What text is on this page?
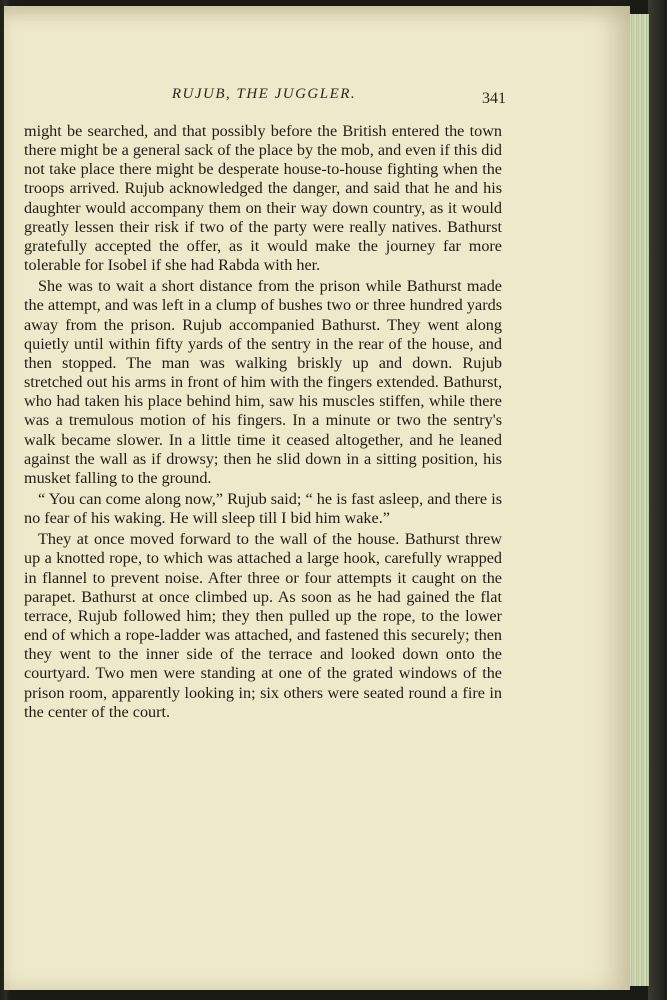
RUJUB, THE JUGGLER.	341

might be searched, and that possibly before the British entered the town there might be a general sack of the place by the mob, and even if this did not take place there might be desperate house-to-house fighting when the troops arrived. Rujub acknowledged the danger, and said that he and his daughter would accompany them on their way down country, as it would greatly lessen their risk if two of the party were really natives. Bathurst gratefully accepted the offer, as it would make the journey far more tolerable for Isobel if she had Rabda with her.

She was to wait a short distance from the prison while Bathurst made the attempt, and was left in a clump of bushes two or three hundred yards away from the prison. Rujub accompanied Bathurst. They went along quietly until within fifty yards of the sentry in the rear of the house, and then stopped. The man was walking briskly up and down. Rujub stretched out his arms in front of him with the fingers extended. Bathurst, who had taken his place behind him, saw his muscles stiffen, while there was a tremulous motion of his fingers. In a minute or two the sentry's walk became slower. In a little time it ceased altogether, and he leaned against the wall as if drowsy; then he slid down in a sitting position, his musket falling to the ground.

“ You can come along now,” Rujub said; “ he is fast asleep, and there is no fear of his waking. He will sleep till I bid him wake.”

They at once moved forward to the wall of the house. Bathurst threw up a knotted rope, to which was attached a large hook, carefully wrapped in flannel to prevent noise. After three or four attempts it caught on the parapet. Bathurst at once climbed up. As soon as he had gained the flat terrace, Rujub followed him; they then pulled up the rope, to the lower end of which a rope-ladder was attached, and fastened this securely; then they went to the inner side of the terrace and looked down onto the courtyard. Two men were standing at one of the grated windows of the prison room, apparently looking in; six others were seated round a fire in the center of the court.
